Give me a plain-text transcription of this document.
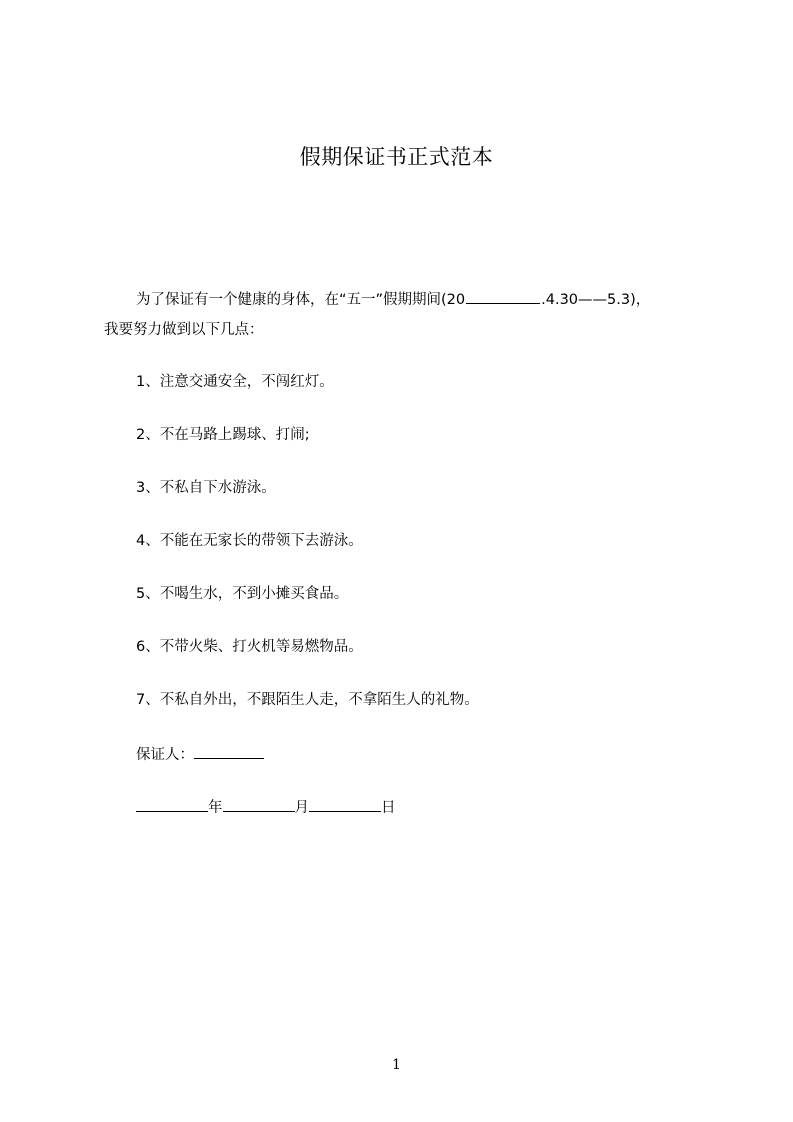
假期保证书正式范本
为了保证有一个健康的身体，在“五一”假期期间(20	.4.30——5.3)，
我要努力做到以下几点：
1、注意交通安全，不闯红灯。
2、不在马路上踢球、打闹;
3、不私自下水游泳。
4、不能在无家长的带领下去游泳。
5、不喝生水，不到小摊买食品。
6、不带火柴、打火机等易燃物品。
7、不私自外出，不跟陌生人走，不拿陌生人的礼物。
保证人：
年	月	日
1
